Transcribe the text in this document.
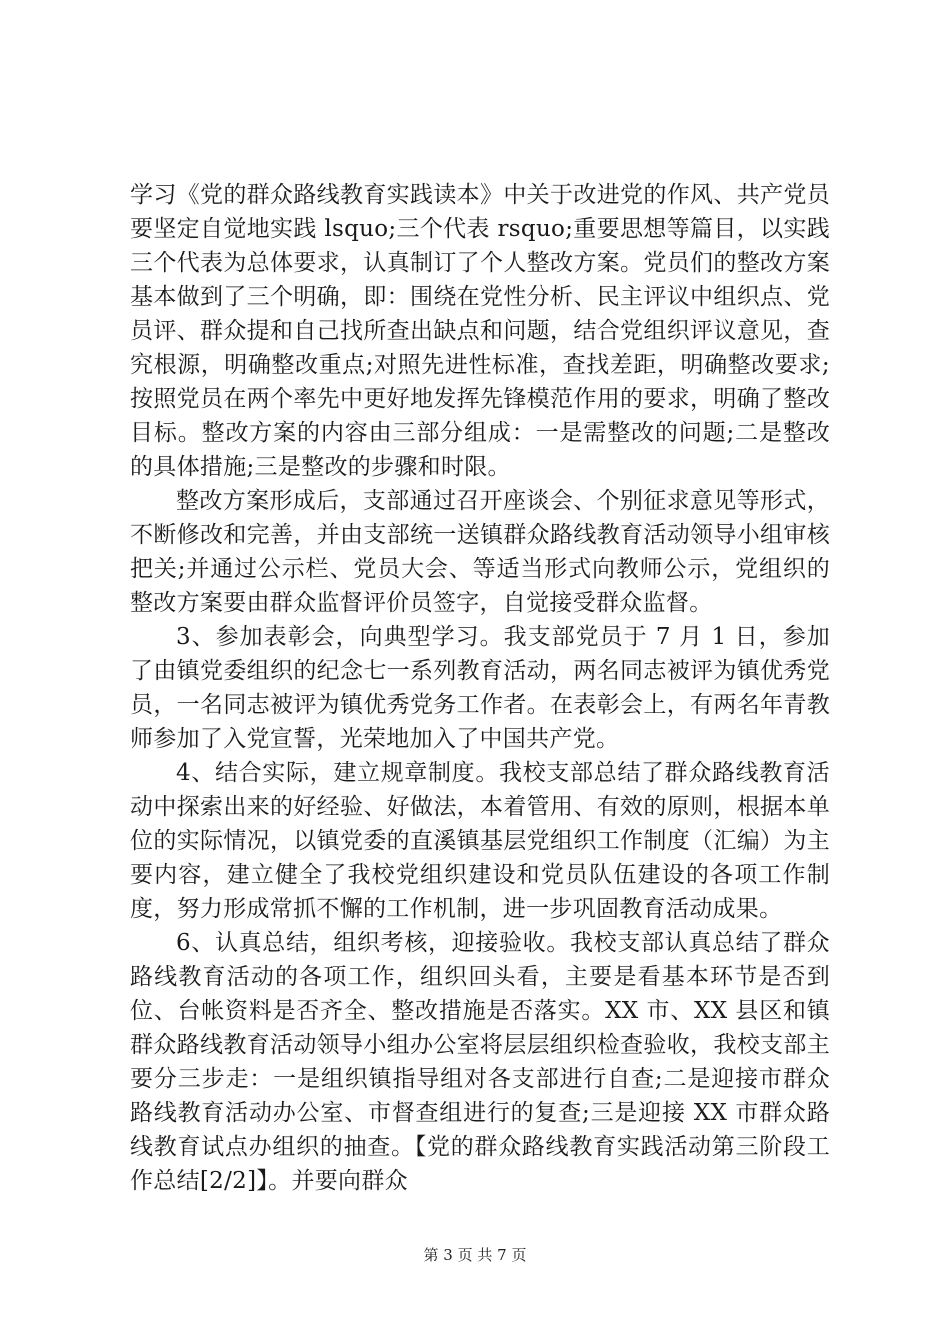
学习《党的群众路线教育实践读本》中关于改进党的作风、共产党员要坚定自觉地实践 lsquo;三个代表 rsquo;重要思想等篇目，以实践三个代表为总体要求，认真制订了个人整改方案。党员们的整改方案基本做到了三个明确，即：围绕在党性分析、民主评议中组织点、党员评、群众提和自己找所查出缺点和问题，结合党组织评议意见，查究根源，明确整改重点;对照先进性标准，查找差距，明确整改要求;按照党员在两个率先中更好地发挥先锋模范作用的要求，明确了整改目标。整改方案的内容由三部分组成：一是需整改的问题;二是整改的具体措施;三是整改的步骤和时限。

整改方案形成后，支部通过召开座谈会、个别征求意见等形式，不断修改和完善，并由支部统一送镇群众路线教育活动领导小组审核把关;并通过公示栏、党员大会、等适当形式向教师公示，党组织的整改方案要由群众监督评价员签字，自觉接受群众监督。

3、参加表彰会，向典型学习。我支部党员于 7 月 1 日，参加了由镇党委组织的纪念七一系列教育活动，两名同志被评为镇优秀党员，一名同志被评为镇优秀党务工作者。在表彰会上，有两名年青教师参加了入党宣誓，光荣地加入了中国共产党。

4、结合实际，建立规章制度。我校支部总结了群众路线教育活动中探索出来的好经验、好做法，本着管用、有效的原则，根据本单位的实际情况，以镇党委的直溪镇基层党组织工作制度（汇编）为主要内容，建立健全了我校党组织建设和党员队伍建设的各项工作制度，努力形成常抓不懈的工作机制，进一步巩固教育活动成果。

6、认真总结，组织考核，迎接验收。我校支部认真总结了群众路线教育活动的各项工作，组织回头看，主要是看基本环节是否到位、台帐资料是否齐全、整改措施是否落实。XX 市、XX 县区和镇群众路线教育活动领导小组办公室将层层组织检查验收，我校支部主要分三步走：一是组织镇指导组对各支部进行自查;二是迎接市群众路线教育活动办公室、市督查组进行的复查;三是迎接 XX 市群众路线教育试点办组织的抽查。【党的群众路线教育实践活动第三阶段工作总结[2/2]】。并要向群众

第 3 页 共 7 页
